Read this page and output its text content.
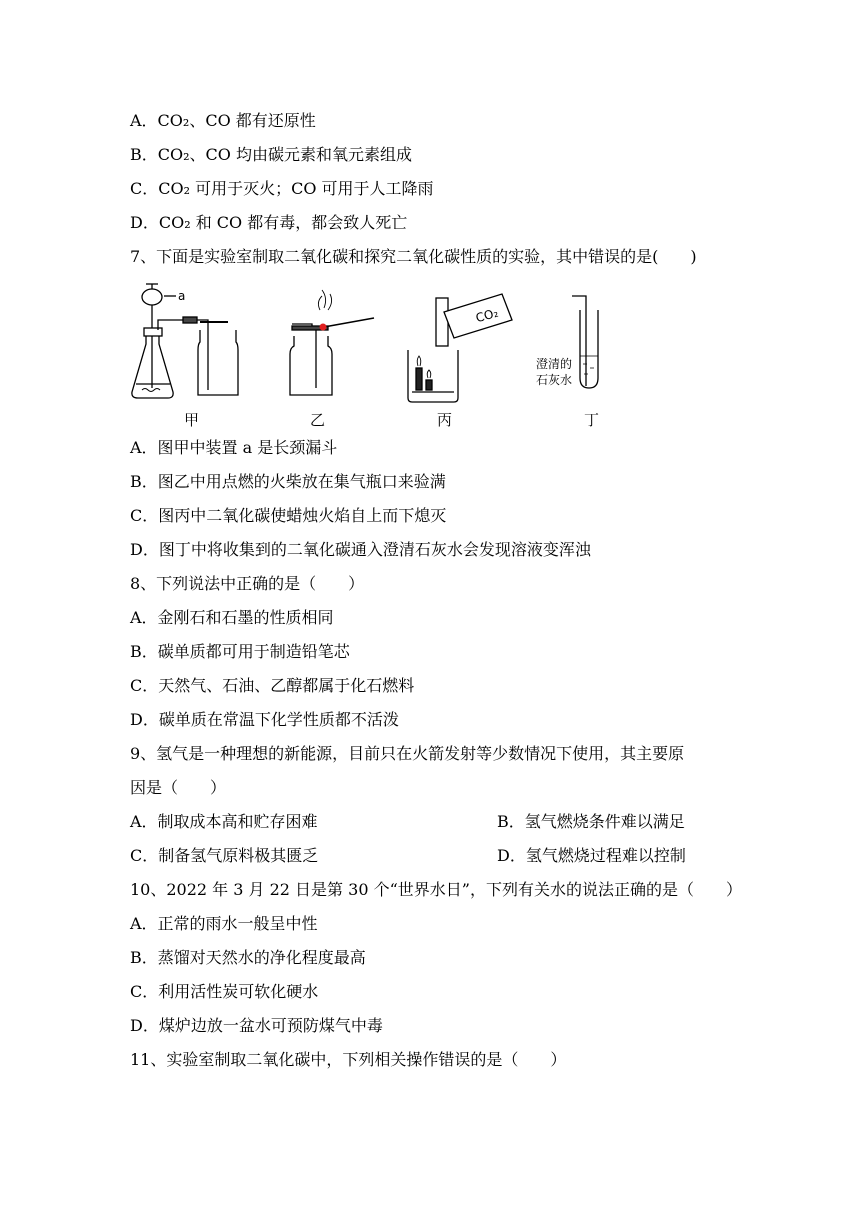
A．CO₂、CO 都有还原性
B．CO₂、CO 均由碳元素和氧元素组成
C．CO₂ 可用于灭火；CO 可用于人工降雨
D．CO₂ 和 CO 都有毒，都会致人死亡
7、下面是实验室制取二氧化碳和探究二氧化碳性质的实验，其中错误的是(　　)
a
CO₂
澄清的
石灰水
甲	乙	丙	丁
A．图甲中装置 a 是长颈漏斗
B．图乙中用点燃的火柴放在集气瓶口来验满
C．图丙中二氧化碳使蜡烛火焰自上而下熄灭
D．图丁中将收集到的二氧化碳通入澄清石灰水会发现溶液变浑浊
8、下列说法中正确的是（　　）
A．金刚石和石墨的性质相同
B．碳单质都可用于制造铅笔芯
C．天然气、石油、乙醇都属于化石燃料
D．碳单质在常温下化学性质都不活泼
9、氢气是一种理想的新能源，目前只在火箭发射等少数情况下使用，其主要原
因是（　　）
A．制取成本高和贮存困难	B．氢气燃烧条件难以满足
C．制备氢气原料极其匮乏	D．氢气燃烧过程难以控制
10、2022 年 3 月 22 日是第 30 个“世界水日”，下列有关水的说法正确的是（　　）
A．正常的雨水一般呈中性
B．蒸馏对天然水的净化程度最高
C．利用活性炭可软化硬水
D．煤炉边放一盆水可预防煤气中毒
11、实验室制取二氧化碳中，下列相关操作错误的是（　　）
